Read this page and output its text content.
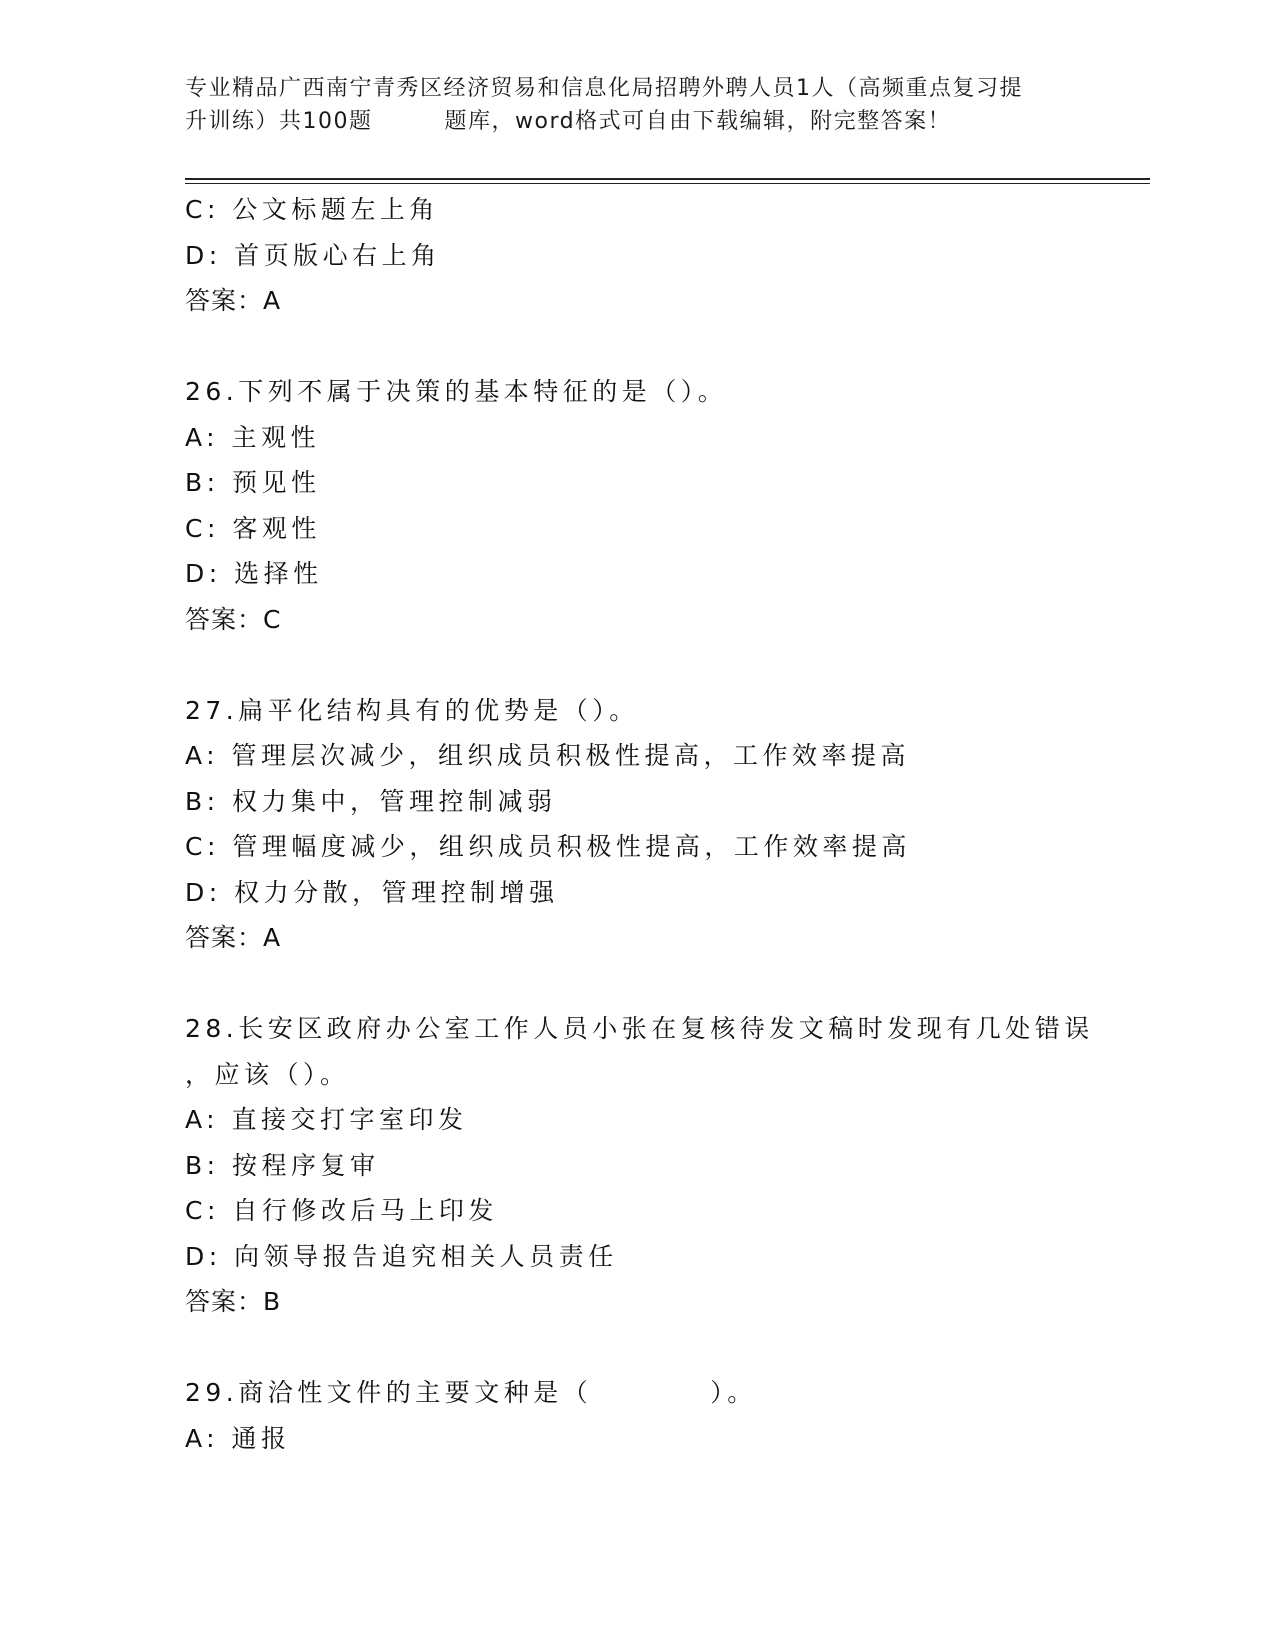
专业精品广西南宁青秀区经济贸易和信息化局招聘外聘人员1人（高频重点复习提
升训练）共100题	题库，word格式可自由下载编辑，附完整答案！
C: 公文标题左上角
D: 首页版心右上角
答案：A
26.下列不属于决策的基本特征的是（）。
A: 主观性
B: 预见性
C: 客观性
D: 选择性
答案：C
27.扁平化结构具有的优势是（）。
A: 管理层次减少，组织成员积极性提高，工作效率提高
B: 权力集中，管理控制减弱
C: 管理幅度减少，组织成员积极性提高，工作效率提高
D: 权力分散，管理控制增强
答案：A
28.长安区政府办公室工作人员小张在复核待发文稿时发现有几处错误
，应该（）。
A: 直接交打字室印发
B: 按程序复审
C: 自行修改后马上印发
D: 向领导报告追究相关人员责任
答案：B
29.商洽性文件的主要文种是（　　　　）。
A: 通报
